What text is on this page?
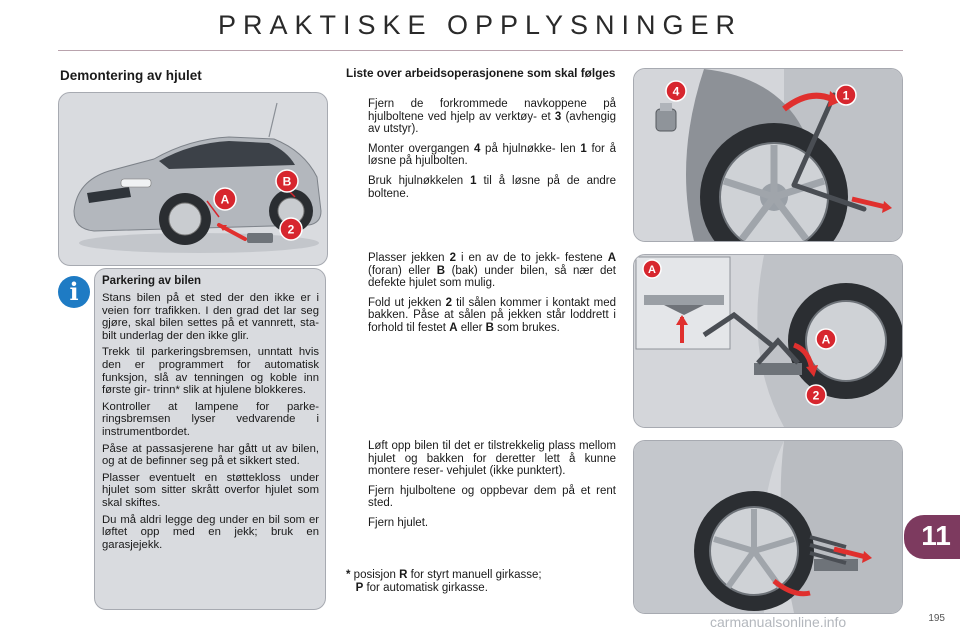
PRAKTISKE OPPLYSNINGER
Demontering av hjulet
A
B
2
i	Parkering av bilen

Stans bilen på et sted der den ikke er i veien forr trafikken. I den grad det lar seg gjøre, skal bilen settes på et vannrett, sta- bilt underlag der den ikke glir.

Trekk til parkeringsbremsen, unntatt hvis den er programmert for automatisk funksjon, slå av tenningen og koble inn første gir- trinn* slik at hjulene blokkeres.

Kontroller at lampene for parke- ringsbremsen lyser vedvarende i instrumentbordet.

Påse at passasjerene har gått ut av bilen, og at de befinner seg på et sikkert sted.

Plasser eventuelt en støttekloss under hjulet som sitter skrått overfor hjulet som skal skiftes.

Du må aldri legge deg under en bil som er løftet opp med en jekk; bruk en garasjejekk.

Liste over arbeidsoperasjonene som skal følges
Fjern de forkrommede navkoppene på hjulboltene ved hjelp av verktøy- et 3 (avhengig av utstyr).
Monter overgangen 4 på hjulnøkke- len 1 for å løsne på hjulbolten.
Bruk hjulnøkkelen 1 til å løsne på de andre boltene.
Plasser jekken 2 i en av de to jekk- festene A (foran) eller B (bak) under bilen, så nær det defekte hjulet som mulig.
Fold ut jekken 2 til sålen kommer i kontakt med bakken. Påse at sålen på jekken står loddrett i forhold til festet A eller B som brukes.
Løft opp bilen til det er tilstrekkelig plass mellom hjulet og bakken for deretter lett å kunne montere reser- vehjulet (ikke punktert).
Fjern hjulboltene og oppbevar dem på et rent sted.
Fjern hjulet.
* posisjon R for styrt manuell girkasse;
P for automatisk girkasse.
4	1
A
A
2
11
195
carmanualsonline.info
